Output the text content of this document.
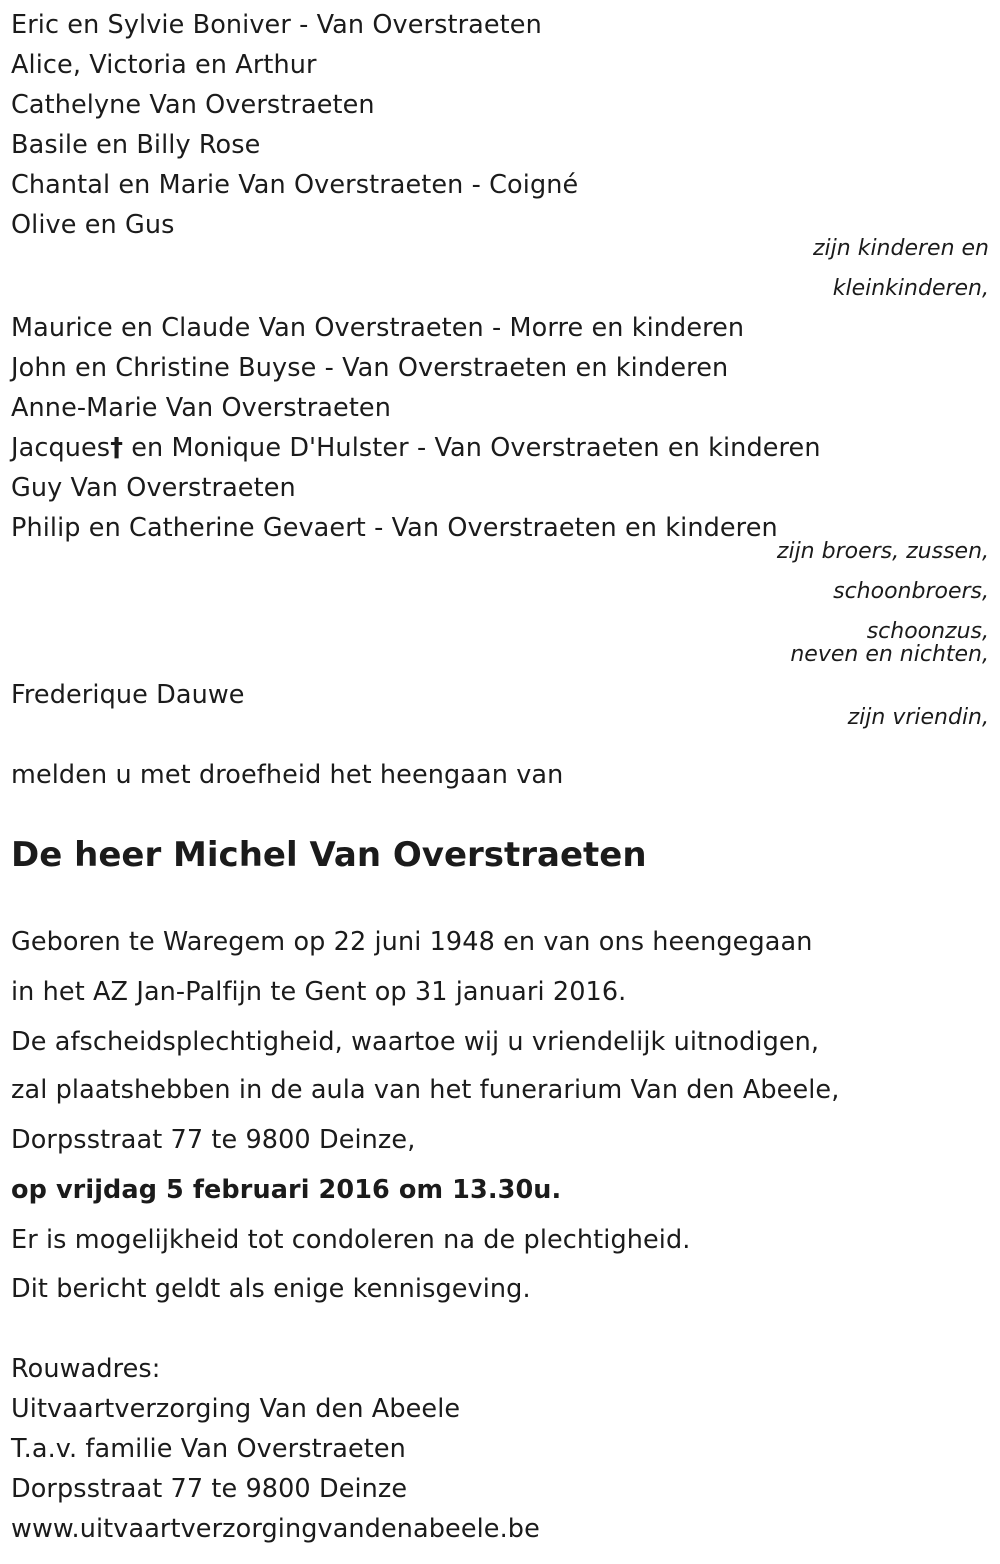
Eric en Sylvie Boniver - Van Overstraeten
Alice, Victoria en Arthur
Cathelyne Van Overstraeten
Basile en Billy Rose
Chantal en Marie Van Overstraeten - Coigné
Olive en Gus
zijn kinderen en
kleinkinderen,
Maurice en Claude Van Overstraeten - Morre en kinderen
John en Christine Buyse - Van Overstraeten en kinderen
Anne-Marie Van Overstraeten
Jacques† en Monique D'Hulster - Van Overstraeten en kinderen
Guy Van Overstraeten
Philip en Catherine Gevaert - Van Overstraeten en kinderen
zijn broers, zussen,
schoonbroers,
schoonzus,
neven en nichten,
Frederique Dauwe
zijn vriendin,
melden u met droefheid het heengaan van
De heer Michel Van Overstraeten
Geboren te Waregem op 22 juni 1948 en van ons heengegaan
in het AZ Jan-Palfijn te Gent op 31 januari 2016.
De afscheidsplechtigheid, waartoe wij u vriendelijk uitnodigen,
zal plaatshebben in de aula van het funerarium Van den Abeele,
Dorpsstraat 77 te 9800 Deinze,
op vrijdag 5 februari 2016 om 13.30u.
Er is mogelijkheid tot condoleren na de plechtigheid.
Dit bericht geldt als enige kennisgeving.
Rouwadres:
Uitvaartverzorging Van den Abeele
T.a.v. familie Van Overstraeten
Dorpsstraat 77 te 9800 Deinze
www.uitvaartverzorgingvandenabeele.be
